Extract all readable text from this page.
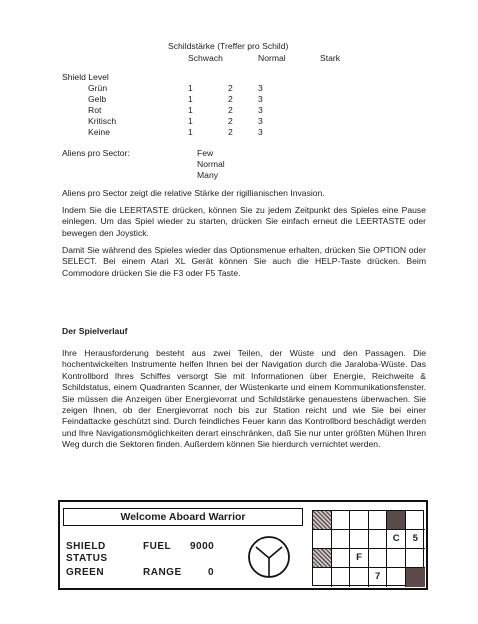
Schildstärke (Treffer pro Schild)
Schwach	Normal	Stark
Shield Level
Grün	1	2	3
Gelb	1	2	3
Rot	1	2	3
Kritisch	1	2	3
Keine	1	2	3
Aliens pro Sector:	Few
Normal
Many
Aliens pro Sector zeigt die relative Stärke der rigillianischen Invasion.
Indem Sie die LEERTASTE drücken, können Sie zu jedem Zeitpunkt des Spieles eine Pause einlegen. Um das Spiel wieder zu starten, drücken Sie einfach erneut die LEERTASTE oder bewegen den Joystick.
Damit Sie während des Spieles wieder das Optionsmenue erhalten, drücken Sie OPTION oder SELECT. Bei einem Atari XL Gerät können Sie auch die HELP-Taste drücken. Beim Commodore drücken Sie die F3 oder F5 Taste.
Der Spielverlauf
Ihre Herausforderung besteht aus zwei Teilen, der Wüste und den Passagen. Die hochentwickelten Instrumente helfen Ihnen bei der Navigation durch die Jaraloba-Wüste. Das Kontrollbord Ihres Schiffes versorgt Sie mit Informationen über Energie, Reichweite & Schildstatus, einem Quadranten Scanner, der Wüstenkarte und einem Kommunikationsfenster. Sie müssen die Anzeigen über Energievorrat und Schildstärke genauestens überwachen. Sie zeigen Ihnen, ob der Energievorrat noch bis zur Station reicht und wie Sie bei einer Feindattacke geschützt sind. Durch feindliches Feuer kann das Kontrollbord beschädigt werden und Ihre Navigationsmöglichkeiten derart einschränken, daß Sie nur unter größten Mühen Ihren Weg durch die Sektoren finden. Außerdem können Sie hierdurch vernichtet werden.
Welcome Aboard Warrior
SHIELD
STATUS
GREEN
FUEL 9000
RANGE	0
C	5
F
7
